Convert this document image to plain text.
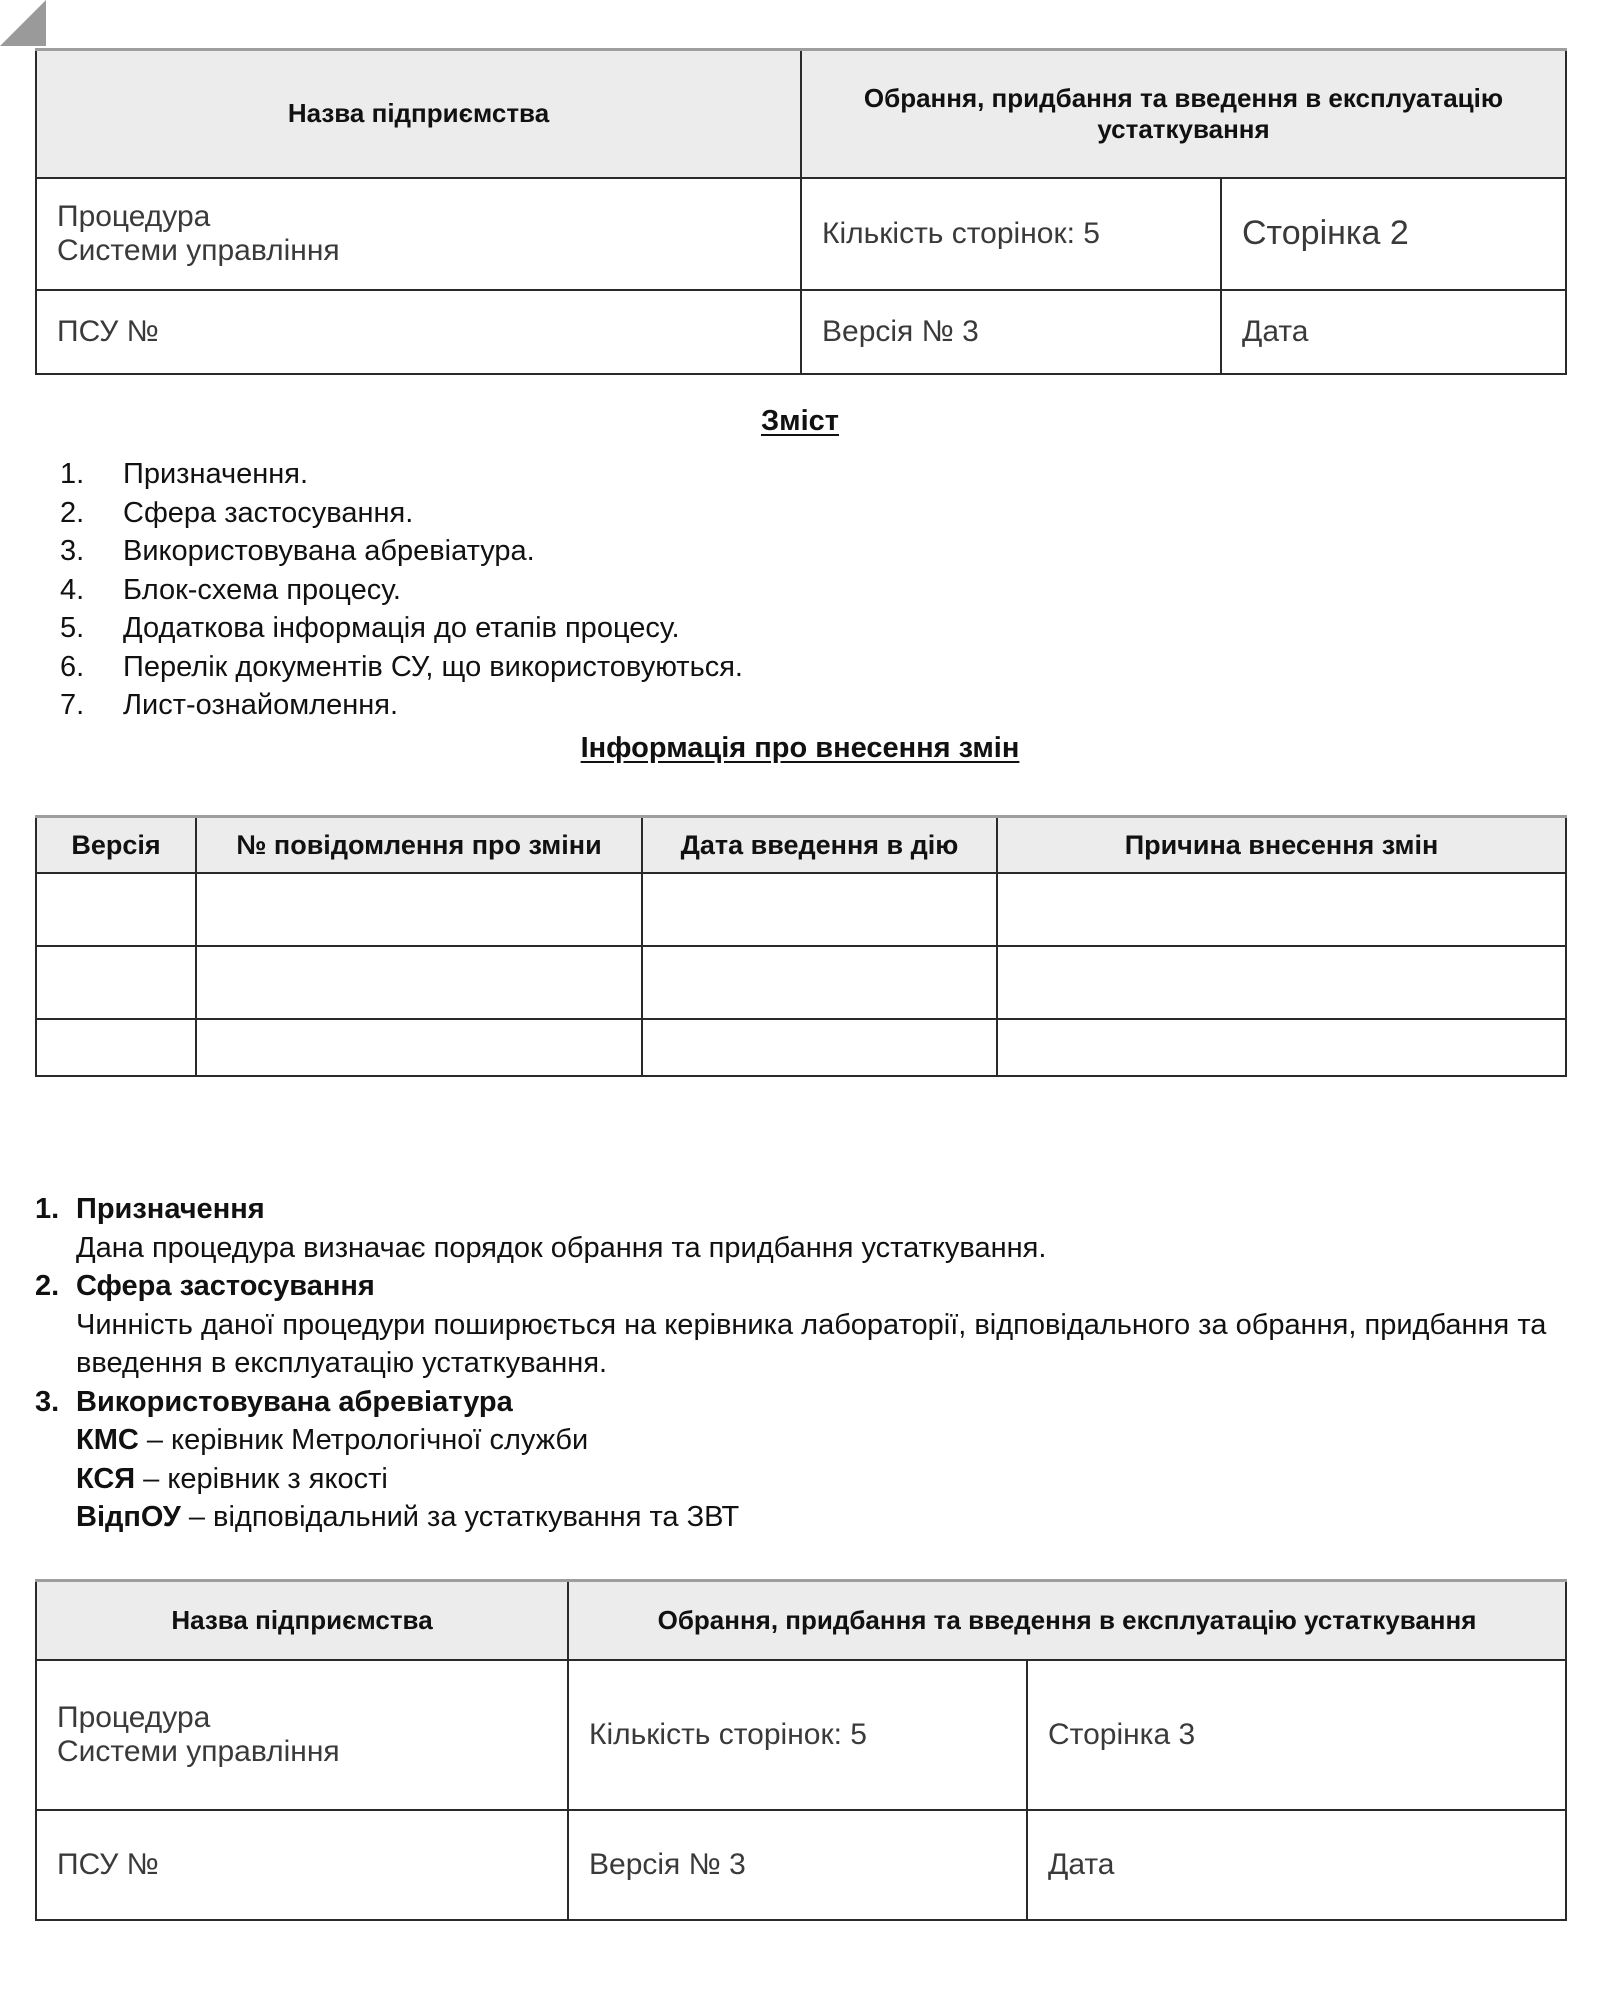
Назва підприємства	Обрання, придбання та введення в експлуатацію устаткування	

Процедура
Системи управління	Кількість сторінок: 5	Сторінка 2
ПСУ №	Версія № 3	Дата
Зміст
1.	Призначення.
2.	Сфера застосування.
3.	Використовувана абревіатура.
4.	Блок-схема процесу.
5.	Додаткова інформація до етапів процесу.
6.	Перелік документів СУ, що використовуються.
7.	Лист-ознайомлення.
Інформація про внесення змін
Версія	№ повідомлення про зміни	Дата введення в дію	Причина внесення змін

1. Призначення
Дана процедура визначає порядок обрання та придбання устаткування.
2. Сфера застосування
Чинність даної процедури поширюється на керівника лабораторії, відповідального за обрання, придбання та введення в експлуатацію устаткування.
3. Використовувана абревіатура
КМС – керівник Метрологічної служби
КСЯ – керівник з якості
ВідпОУ – відповідальний за устаткування та ЗВТ
Назва підприємства	Обрання, придбання та введення в експлуатацію устаткування	

Процедура
Системи управління	Кількість сторінок: 5	Сторінка 3
ПСУ №	Версія № 3	Дата
